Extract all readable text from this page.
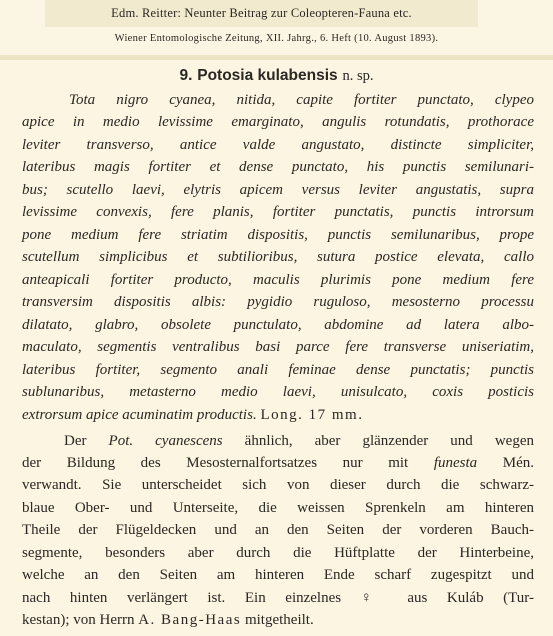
Edm. Reitter: Neunter Beitrag zur Coleopteren-Fauna etc.
Wiener Entomologische Zeitung, XII. Jahrg., 6. Heft (10. August 1893).
9. Potosia kulabensis n. sp.
Tota nigro cyanea, nitida, capite fortiter punctato, clypeo
apice in medio levissime emarginato, angulis rotundatis, prothorace
leviter transverso, antice valde angustato, distincte simpliciter,
lateribus magis fortiter et dense punctato, his punctis semilunari-
bus; scutello laevi, elytris apicem versus leviter angustatis, supra
levissime convexis, fere planis, fortiter punctatis, punctis introrsum
pone medium fere striatim dispositis, punctis semilunaribus, prope
scutellum simplicibus et subtilioribus, sutura postice elevata, callo
anteapicali fortiter producto, maculis plurimis pone medium fere
transversim dispositis albis: pygidio ruguloso, mesosterno processu
dilatato, glabro, obsolete punctulato, abdomine ad latera albo-
maculato, segmentis ventralibus basi parce fere transverse uniseriatim,
lateribus fortiter, segmento anali feminae dense punctatis; punctis
sublunaribus, metasterno medio laevi, unisulcato, coxis posticis
extrorsum apice acuminatim productis. Long. 17 mm.
Der Pot. cyanescens ähnlich, aber glänzender und wegen
der Bildung des Mesosternalfortsatzes nur mit funesta Mén.
verwandt. Sie unterscheidet sich von dieser durch die schwarz-
blaue Ober- und Unterseite, die weissen Sprenkeln am hinteren
Theile der Flügeldecken und an den Seiten der vorderen Bauch-
segmente, besonders aber durch die Hüftplatte der Hinterbeine,
welche an den Seiten am hinteren Ende scharf zugespitzt und
nach hinten verlängert ist. Ein einzelnes ♀ aus Kuláb (Tur-
kestan); von Herrn A. Bang-Haas mitgetheilt.
